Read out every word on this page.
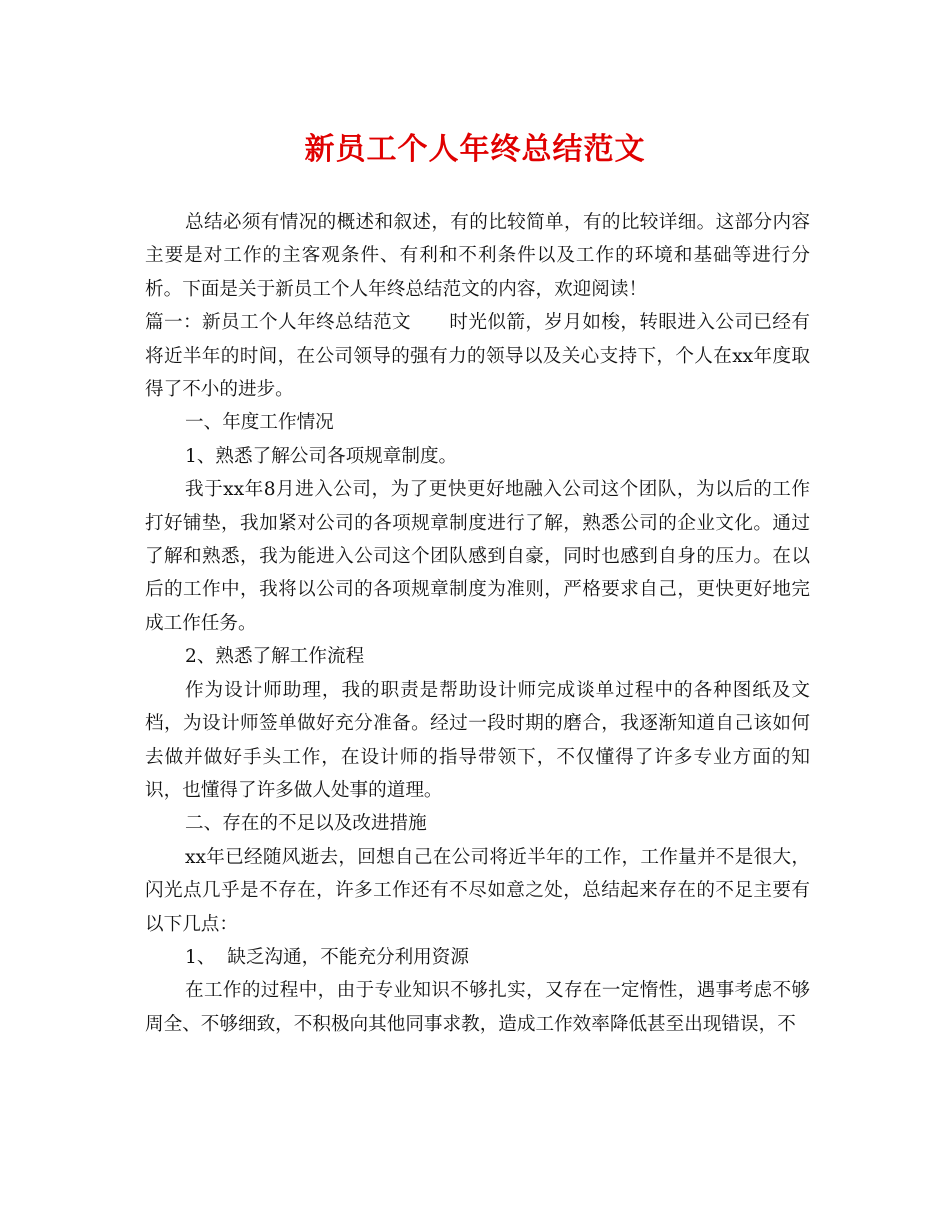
新员工个人年终总结范文

总结必须有情况的概述和叙述，有的比较简单，有的比较详细。这部分内容主要是对工作的主客观条件、有利和不利条件以及工作的环境和基础等进行分析。下面是关于新员工个人年终总结范文的内容，欢迎阅读！

篇一：新员工个人年终总结范文 时光似箭，岁月如梭，转眼进入公司已经有将近半年的时间，在公司领导的强有力的领导以及关心支持下，个人在xx年度取得了不小的进步。

一、年度工作情况

1、熟悉了解公司各项规章制度。

我于xx年8月进入公司，为了更快更好地融入公司这个团队，为以后的工作打好铺垫，我加紧对公司的各项规章制度进行了解，熟悉公司的企业文化。通过了解和熟悉，我为能进入公司这个团队感到自豪，同时也感到自身的压力。在以后的工作中，我将以公司的各项规章制度为准则，严格要求自己，更快更好地完成工作任务。

2、熟悉了解工作流程

作为设计师助理，我的职责是帮助设计师完成谈单过程中的各种图纸及文档，为设计师签单做好充分准备。经过一段时期的磨合，我逐渐知道自己该如何去做并做好手头工作，在设计师的指导带领下，不仅懂得了许多专业方面的知识，也懂得了许多做人处事的道理。

二、存在的不足以及改进措施

xx年已经随风逝去，回想自己在公司将近半年的工作，工作量并不是很大，闪光点几乎是不存在，许多工作还有不尽如意之处，总结起来存在的不足主要有以下几点：

1、  缺乏沟通，不能充分利用资源

在工作的过程中，由于专业知识不够扎实，又存在一定惰性，遇事考虑不够周全、不够细致，不积极向其他同事求教，造成工作效率降低甚至出现错误，不
